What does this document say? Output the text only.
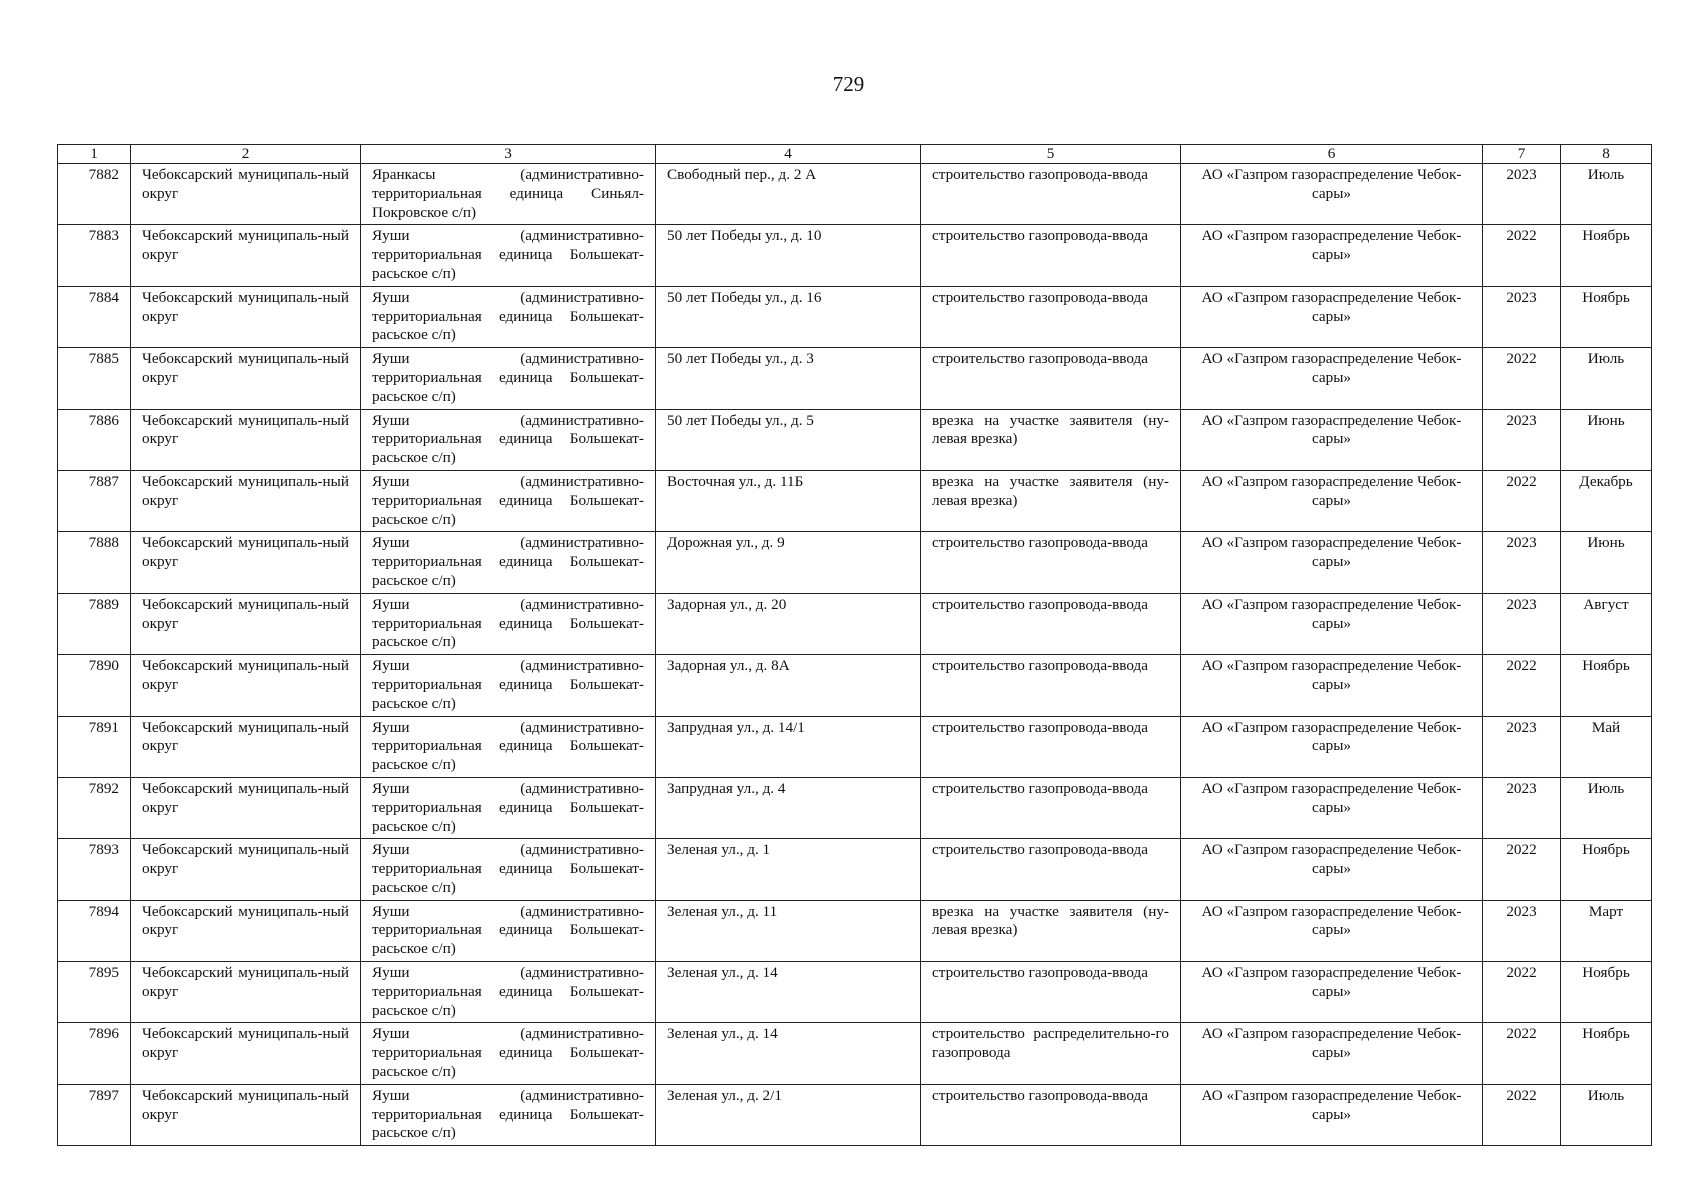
729
1	2	3	4	5	6	7	8
7882	Чебоксарский муниципаль-ный округ	Яранкасы (административно-территориальная единица Синьял-Покровское с/п)	Свободный пер., д. 2 А	строительство газопровода-ввода	АО «Газпром газораспределение Чебок-сары»	2023	Июль
7883	Чебоксарский муниципаль-ный округ	Яуши (административно-территориальная единица Большекат-расьское с/п)	50 лет Победы ул., д. 10	строительство газопровода-ввода	АО «Газпром газораспределение Чебок-сары»	2022	Ноябрь
7884	Чебоксарский муниципаль-ный округ	Яуши (административно-территориальная единица Большекат-расьское с/п)	50 лет Победы ул., д. 16	строительство газопровода-ввода	АО «Газпром газораспределение Чебок-сары»	2023	Ноябрь
7885	Чебоксарский муниципаль-ный округ	Яуши (административно-территориальная единица Большекат-расьское с/п)	50 лет Победы ул., д. 3	строительство газопровода-ввода	АО «Газпром газораспределение Чебок-сары»	2022	Июль
7886	Чебоксарский муниципаль-ный округ	Яуши (административно-территориальная единица Большекат-расьское с/п)	50 лет Победы ул., д. 5	врезка на участке заявителя (ну-левая врезка)	АО «Газпром газораспределение Чебок-сары»	2023	Июнь
7887	Чебоксарский муниципаль-ный округ	Яуши (административно-территориальная единица Большекат-расьское с/п)	Восточная ул., д. 11Б	врезка на участке заявителя (ну-левая врезка)	АО «Газпром газораспределение Чебок-сары»	2022	Декабрь
7888	Чебоксарский муниципаль-ный округ	Яуши (административно-территориальная единица Большекат-расьское с/п)	Дорожная ул., д. 9	строительство газопровода-ввода	АО «Газпром газораспределение Чебок-сары»	2023	Июнь
7889	Чебоксарский муниципаль-ный округ	Яуши (административно-территориальная единица Большекат-расьское с/п)	Задорная ул., д. 20	строительство газопровода-ввода	АО «Газпром газораспределение Чебок-сары»	2023	Август
7890	Чебоксарский муниципаль-ный округ	Яуши (административно-территориальная единица Большекат-расьское с/п)	Задорная ул., д. 8А	строительство газопровода-ввода	АО «Газпром газораспределение Чебок-сары»	2022	Ноябрь
7891	Чебоксарский муниципаль-ный округ	Яуши (административно-территориальная единица Большекат-расьское с/п)	Запрудная ул., д. 14/1	строительство газопровода-ввода	АО «Газпром газораспределение Чебок-сары»	2023	Май
7892	Чебоксарский муниципаль-ный округ	Яуши (административно-территориальная единица Большекат-расьское с/п)	Запрудная ул., д. 4	строительство газопровода-ввода	АО «Газпром газораспределение Чебок-сары»	2023	Июль
7893	Чебоксарский муниципаль-ный округ	Яуши (административно-территориальная единица Большекат-расьское с/п)	Зеленая ул., д. 1	строительство газопровода-ввода	АО «Газпром газораспределение Чебок-сары»	2022	Ноябрь
7894	Чебоксарский муниципаль-ный округ	Яуши (административно-территориальная единица Большекат-расьское с/п)	Зеленая ул., д. 11	врезка на участке заявителя (ну-левая врезка)	АО «Газпром газораспределение Чебок-сары»	2023	Март
7895	Чебоксарский муниципаль-ный округ	Яуши (административно-территориальная единица Большекат-расьское с/п)	Зеленая ул., д. 14	строительство газопровода-ввода	АО «Газпром газораспределение Чебок-сары»	2022	Ноябрь
7896	Чебоксарский муниципаль-ный округ	Яуши (административно-территориальная единица Большекат-расьское с/п)	Зеленая ул., д. 14	строительство распределительно-го газопровода	АО «Газпром газораспределение Чебок-сары»	2022	Ноябрь
7897	Чебоксарский муниципаль-ный округ	Яуши (административно-территориальная единица Большекат-расьское с/п)	Зеленая ул., д. 2/1	строительство газопровода-ввода	АО «Газпром газораспределение Чебок-сары»	2022	Июль
